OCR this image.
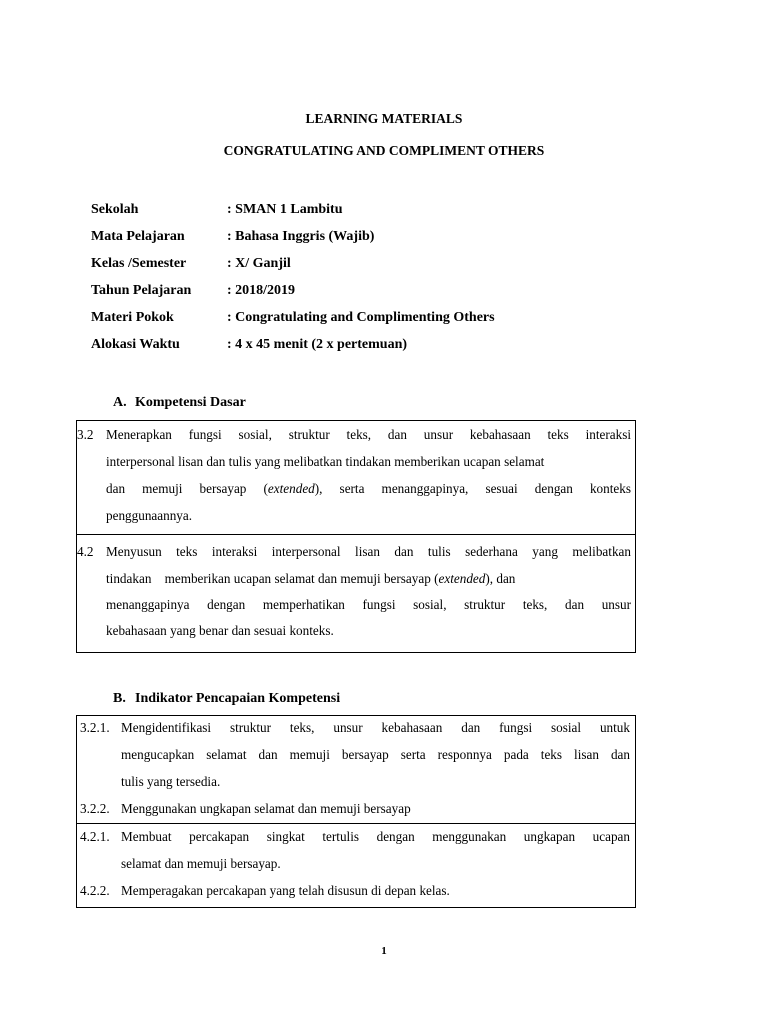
LEARNING MATERIALS
CONGRATULATING AND COMPLIMENT OTHERS
Sekolah	: SMAN 1 Lambitu
Mata Pelajaran	: Bahasa Inggris (Wajib)
Kelas /Semester	: X/ Ganjil
Tahun Pelajaran	: 2018/2019
Materi Pokok	: Congratulating and Complimenting Others
Alokasi Waktu	: 4 x 45 menit (2 x pertemuan)
A. Kompetensi Dasar
3.2 Menerapkan fungsi sosial, struktur teks, dan unsur kebahasaan teks interaksi
interpersonal lisan dan tulis yang melibatkan tindakan memberikan ucapan selamat
dan memuji bersayap (extended), serta menanggapinya, sesuai dengan konteks
penggunaannya.
4.2 Menyusun teks interaksi interpersonal lisan dan tulis sederhana yang melibatkan
tindakan    memberikan ucapan selamat dan memuji bersayap (extended), dan
menanggapinya dengan memperhatikan fungsi sosial, struktur teks, dan unsur
kebahasaan yang benar dan sesuai konteks.
B. Indikator Pencapaian Kompetensi
3.2.1. Mengidentifikasi struktur teks, unsur kebahasaan dan fungsi sosial untuk
mengucapkan selamat dan memuji bersayap serta responnya pada teks lisan dan
tulis yang tersedia.
3.2.2. Menggunakan ungkapan selamat dan memuji bersayap
4.2.1. Membuat percakapan singkat tertulis dengan menggunakan ungkapan ucapan
selamat dan memuji bersayap.
4.2.2. Memperagakan percakapan yang telah disusun di depan kelas.
1
